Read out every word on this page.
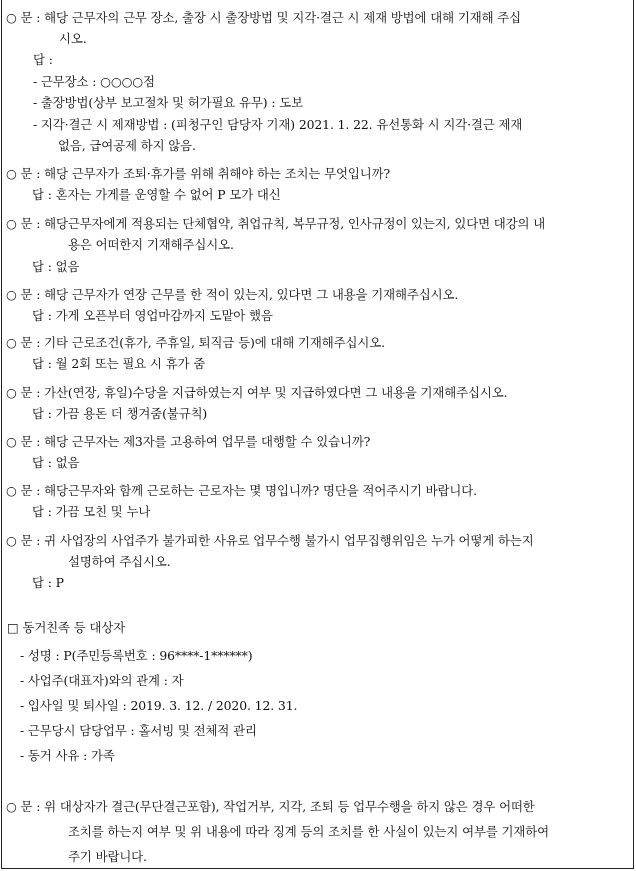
○ 문 : 해당 근무자의 근무 장소, 출장 시 출장방법 및 지각·결근 시 제재 방법에 대해 기재해 주십
시오.
답 :
- 근무장소 : ○○○○점
- 출장방법(상부 보고절차 및 허가필요 유무) : 도보
- 지각·결근 시 제재방법 : (피청구인 담당자 기재) 2021. 1. 22. 유선통화 시 지각·결근 제재
없음, 급여공제 하지 않음.
○ 문 : 해당 근무자가 조퇴·휴가를 위해 취해야 하는 조치는 무엇입니까?
답 : 혼자는 가게를 운영할 수 없어 P 모가 대신
○ 문 : 해당근무자에게 적용되는 단체협약, 취업규칙, 복무규정, 인사규정이 있는지, 있다면 대강의 내
용은 어떠한지 기재해주십시오.
답 : 없음
○ 문 : 해당 근무자가 연장 근무를 한 적이 있는지, 있다면 그 내용을 기재해주십시오.
답 : 가게 오픈부터 영업마감까지 도맡아 했음
○ 문 : 기타 근로조건(휴가, 주휴일, 퇴직금 등)에 대해 기재해주십시오.
답 : 월 2회 또는 필요 시 휴가 줌
○ 문 : 가산(연장, 휴일)수당을 지급하였는지 여부 및 지급하였다면 그 내용을 기재해주십시오.
답 : 가끔 용돈 더 챙겨줌(불규칙)
○ 문 : 해당 근무자는 제3자를 고용하여 업무를 대행할 수 있습니까?
답 : 없음
○ 문 : 해당근무자와 함께 근로하는 근로자는 몇 명입니까? 명단을 적어주시기 바랍니다.
답 : 가끔 모친 및 누나
○ 문 : 귀 사업장의 사업주가 불가피한 사유로 업무수행 불가시 업무집행위임은 누가 어떻게 하는지
설명하여 주십시오.
답 : P
□ 동거친족 등 대상자
- 성명 : P(주민등록번호 : 96****-1******)
- 사업주(대표자)와의 관계 : 자
- 입사일 및 퇴사일 : 2019. 3. 12. / 2020. 12. 31.
- 근무당시 담당업무 : 홀서빙 및 전체적 관리
- 동거 사유 : 가족
○ 문 : 위 대상자가 결근(무단결근포함), 작업거부, 지각, 조퇴 등 업무수행을 하지 않은 경우 어떠한
조치를 하는지 여부 및 위 내용에 따라 징계 등의 조치를 한 사실이 있는지 여부를 기재하여
주기 바랍니다.
